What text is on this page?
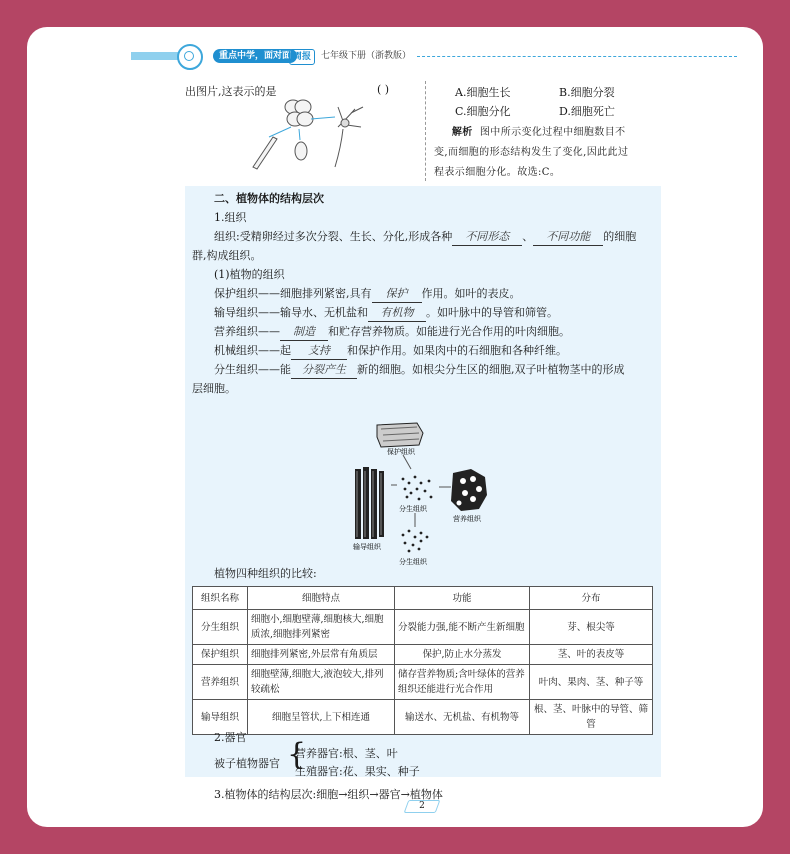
重点中学，面对面 周报	七年级下册（浙教版）
出图片,这表示的是	( )	A.细胞生长	B.细胞分裂
C.细胞分化	D.细胞死亡
解析 图中所示变化过程中细胞数目不
变,而细胞的形态结构发生了变化,因此此过
程表示细胞分化。故选:C。
二、植物体的结构层次
1.组织
组织:受精卵经过多次分裂、生长、分化,形成各种 不同形态 、 不同功能 的细胞
群,构成组织。
(1)植物的组织
保护组织——细胞排列紧密,具有 保护 作用。如叶的表皮。
输导组织——输导水、无机盐和 有机物 。如叶脉中的导管和筛管。
营养组织—— 制造 和贮存营养物质。如能进行光合作用的叶肉细胞。
机械组织——起 支持 和保护作用。如果肉中的石细胞和各种纤维。
分生组织——能 分裂产生 新的细胞。如根尖分生区的细胞,双子叶植物茎中的形成
层细胞。
保护组织
输导组织
分生组织
营养组织
分生组织
植物四种组织的比较:
组织名称	细胞特点	功能	分布
分生组织	细胞小,细胞壁薄,细胞核大,细胞质浓,细胞排列紧密	分裂能力强,能不断产生新细胞	芽、根尖等
保护组织	细胞排列紧密,外层常有角质层	保护,防止水分蒸发	茎、叶的表皮等
营养组织	细胞壁薄,细胞大,液泡较大,排列较疏松	储存营养物质;含叶绿体的营养组织还能进行光合作用	叶肉、果肉、茎、种子等
输导组织	细胞呈管状,上下相连通	输送水、无机盐、有机物等	根、茎、叶脉中的导管、筛管
2.器官
被子植物器官 {
营养器官:根、茎、叶
生殖器官:花、果实、种子
3.植物体的结构层次:细胞→组织→器官→植物体
2
